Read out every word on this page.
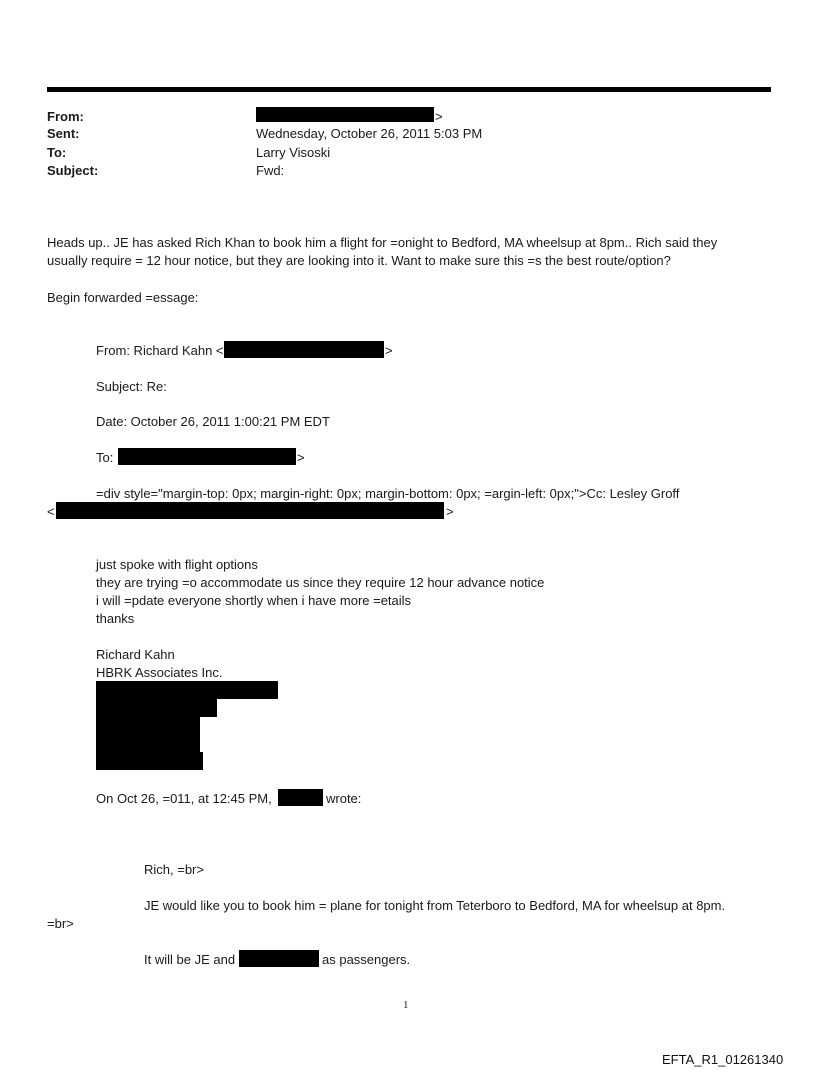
From:	>
Sent:	Wednesday, October 26, 2011 5:03 PM
To:	Larry Visoski
Subject:	Fwd:
Heads up.. JE has asked Rich Khan to book him a flight for =onight to Bedford, MA wheelsup at 8pm.. Rich said they
usually require = 12 hour notice, but they are looking into it. Want to make sure this =s the best route/option?
Begin forwarded =essage:
From: Richard Kahn <	>
Subject: Re:
Date: October 26, 2011 1:00:21 PM EDT
To:	>
=div style="margin-top: 0px; margin-right: 0px; margin-bottom: 0px; =argin-left: 0px;">Cc: Lesley Groff
<	>
just spoke with flight options
they are trying =o accommodate us since they require 12 hour advance notice
i will =pdate everyone shortly when i have more =etails
thanks
Richard Kahn
HBRK Associates Inc.
On Oct 26, =011, at 12:45 PM,	wrote:
Rich, =br>
JE would like you to book him = plane for tonight from Teterboro to Bedford, MA for wheelsup at 8pm.
=br>
It will be JE and	as passengers.
1
EFTA_R1_01261340
